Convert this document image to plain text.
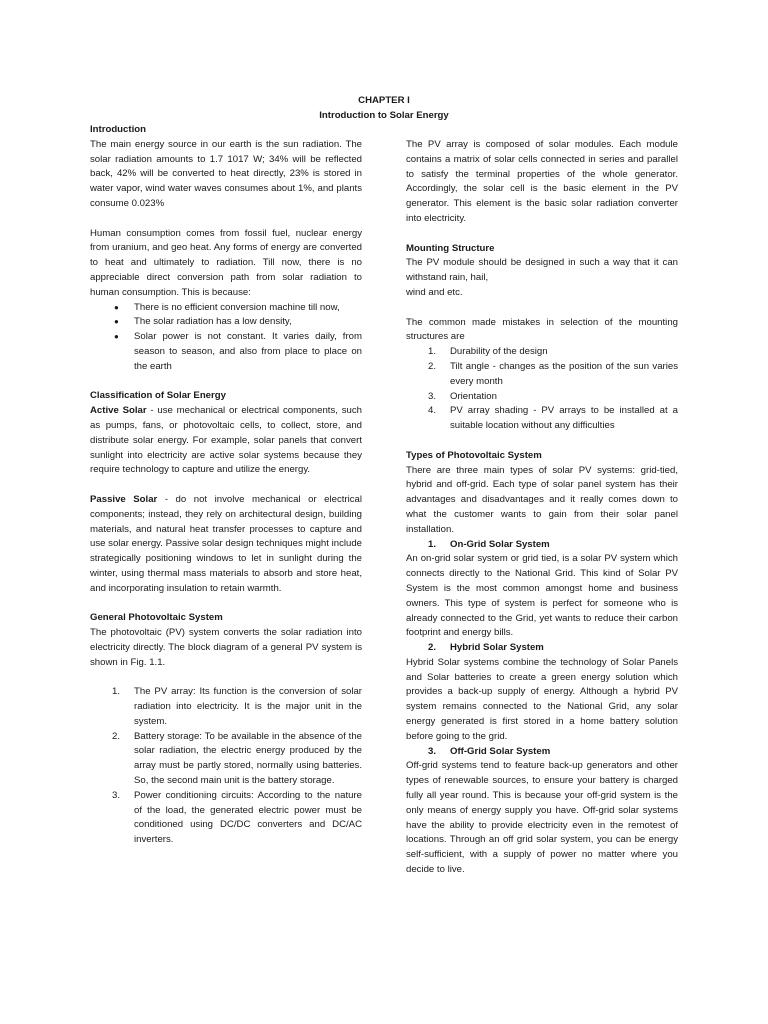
CHAPTER I
Introduction to Solar Energy
Introduction

The main energy source in our earth is the sun radiation. The solar radiation amounts to 1.7 1017 W; 34% will be reflected back, 42% will be converted to heat directly, 23% is stored in water vapor, wind water waves consumes about 1%, and plants consume 0.023%

Human consumption comes from fossil fuel, nuclear energy from uranium, and geo heat. Any forms of energy are converted to heat and ultimately to radiation. Till now, there is no appreciable direct conversion path from solar radiation to human consumption. This is because:

● There is no efficient conversion machine till now,
● The solar radiation has a low density,
● Solar power is not constant. It varies daily, from season to season, and also from place to place on the earth
Classification of Solar Energy

Active Solar - use mechanical or electrical components, such as pumps, fans, or photovoltaic cells, to collect, store, and distribute solar energy. For example, solar panels that convert sunlight into electricity are active solar systems because they require technology to capture and utilize the energy.

Passive Solar - do not involve mechanical or electrical components; instead, they rely on architectural design, building materials, and natural heat transfer processes to capture and use solar energy. Passive solar design techniques might include strategically positioning windows to let in sunlight during the winter, using thermal mass materials to absorb and store heat, and incorporating insulation to retain warmth.

General Photovoltaic System

The photovoltaic (PV) system converts the solar radiation into electricity directly. The block diagram of a general PV system is shown in Fig. 1.1.

1. The PV array: Its function is the conversion of solar radiation into electricity. It is the major unit in the system.
2. Battery storage: To be available in the absence of the solar radiation, the electric energy produced by the array must be partly stored, normally using batteries. So, the second main unit is the battery storage.
3. Power conditioning circuits: According to the nature of the load, the generated electric power must be conditioned using DC/DC converters and DC/AC inverters.

The PV array is composed of solar modules. Each module contains a matrix of solar cells connected in series and parallel to satisfy the terminal properties of the whole generator. Accordingly, the solar cell is the basic element in the PV generator. This element is the basic solar radiation converter into electricity.

Mounting Structure

The PV module should be designed in such a way that it can withstand rain, hail,

wind and etc.

The common made mistakes in selection of the mounting structures are

1. Durability of the design
2. Tilt angle - changes as the position of the sun varies every month
3. Orientation
4. PV array shading - PV arrays to be installed at a suitable location without any difficulties
Types of Photovoltaic System

There are three main types of solar PV systems: grid-tied, hybrid and off-grid. Each type of solar panel system has their advantages and disadvantages and it really comes down to what the customer wants to gain from their solar panel installation.

1. On-Grid Solar System

An on-grid solar system or grid tied, is a solar PV system which connects directly to the National Grid. This kind of Solar PV System is the most common amongst home and business owners. This type of system is perfect for someone who is already connected to the Grid, yet wants to reduce their carbon footprint and energy bills.

2. Hybrid Solar System

Hybrid Solar systems combine the technology of Solar Panels and Solar batteries to create a green energy solution which provides a back-up supply of energy. Although a hybrid PV system remains connected to the National Grid, any solar energy generated is first stored in a home battery solution before going to the grid.

3. Off-Grid Solar System

Off-grid systems tend to feature back-up generators and other types of renewable sources, to ensure your battery is charged fully all year round. This is because your off-grid system is the only means of energy supply you have. Off-grid solar systems have the ability to provide electricity even in the remotest of locations. Through an off grid solar system, you can be energy self-sufficient, with a supply of power no matter where you decide to live.
